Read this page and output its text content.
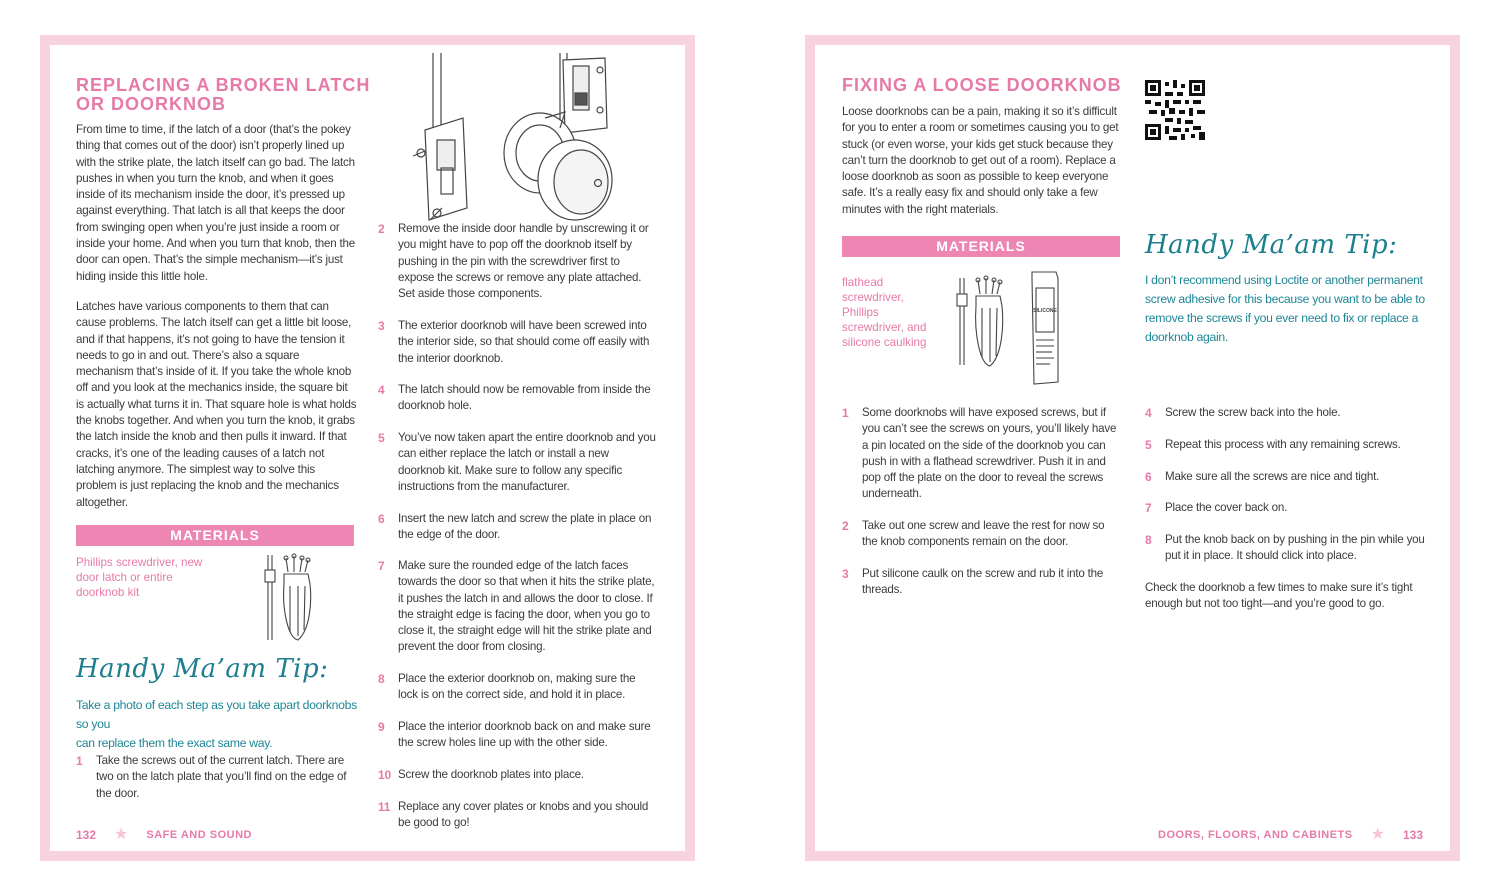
REPLACING A BROKEN LATCH
OR DOORKNOB

From time to time, if the latch of a door (that’s the pokey thing that comes out of the door) isn’t properly lined up with the strike plate, the latch itself can go bad. The latch pushes in when you turn the knob, and when it goes inside of its mechanism inside the door, it’s pressed up against everything. That latch is all that keeps the door from swinging open when you’re just inside a room or inside your home. And when you turn that knob, then the door can open. That’s the simple mechanism—it’s just hiding inside this little hole.

Latches have various components to them that can cause problems. The latch itself can get a little bit loose, and if that happens, it’s not going to have the tension it needs to go in and out. There’s also a square mechanism that’s inside of it. If you take the whole knob off and you look at the mechanics inside, the square bit is actually what turns it in. That square hole is what holds the knobs together. And when you turn the knob, it grabs the latch inside the knob and then pulls it inward. If that cracks, it’s one of the leading causes of a latch not latching anymore. The simplest way to solve this problem is just replacing the knob and the mechanics altogether.

MATERIALS
Phillips screwdriver, new
door latch or entire
doorknob kit
Handy Ma’am Tip:
Take a photo of each step as you take apart doorknobs so you
can replace them the exact same way.
1	Take the screws out of the current latch. There are two on the latch plate that you’ll find on the edge of the door.
2	Remove the inside door handle by unscrewing it or you might have to pop off the doorknob itself by pushing in the pin with the screwdriver first to expose the screws or remove any plate attached. Set aside those components.
3	The exterior doorknob will have been screwed into the interior side, so that should come off easily with the interior doorknob.
4	The latch should now be removable from inside the doorknob hole.
5	You’ve now taken apart the entire doorknob and you can either replace the latch or install a new doorknob kit. Make sure to follow any specific instructions from the manufacturer.
6	Insert the new latch and screw the plate in place on the edge of the door.
7	Make sure the rounded edge of the latch faces towards the door so that when it hits the strike plate, it pushes the latch in and allows the door to close. If the straight edge is facing the door, when you go to close it, the straight edge will hit the strike plate and prevent the door from closing.
8	Place the exterior doorknob on, making sure the lock is on the correct side, and hold it in place.
9	Place the interior doorknob back on and make sure the screw holes line up with the other side.
10 Screw the doorknob plates into place.
11 Replace any cover plates or knobs and you should be good to go!
132 ★ SAFE AND SOUND
FIXING A LOOSE DOORKNOB
Loose doorknobs can be a pain, making it so it’s difficult for you to enter a room or sometimes causing you to get stuck (or even worse, your kids get stuck because they can’t turn the doorknob to get out of a room). Replace a loose doorknob as soon as possible to keep everyone safe. It’s a really easy fix and should only take a few minutes with the right materials.
MATERIALS
flathead
screwdriver,
Phillips
screwdriver, and
silicone caulking
SILICONE
Handy Ma’am Tip:
I don’t recommend using Loctite or another permanent
screw adhesive for this because you want to be able to
remove the screws if you ever need to fix or replace a
doorknob again.
1	Some doorknobs will have exposed screws, but if you can’t see the screws on yours, you’ll likely have a pin located on the side of the doorknob you can push in with a flathead screwdriver. Push it in and pop off the plate on the door to reveal the screws underneath.
2	Take out one screw and leave the rest for now so the knob components remain on the door.
3	Put silicone caulk on the screw and rub it into the threads.
4	Screw the screw back into the hole.
5	Repeat this process with any remaining screws.
6	Make sure all the screws are nice and tight.
7	Place the cover back on.
8	Put the knob back on by pushing in the pin while you put it in place. It should click into place.
Check the doorknob a few times to make sure it’s tight enough but not too tight—and you’re good to go.
DOORS, FLOORS, AND CABINETS ★ 133
